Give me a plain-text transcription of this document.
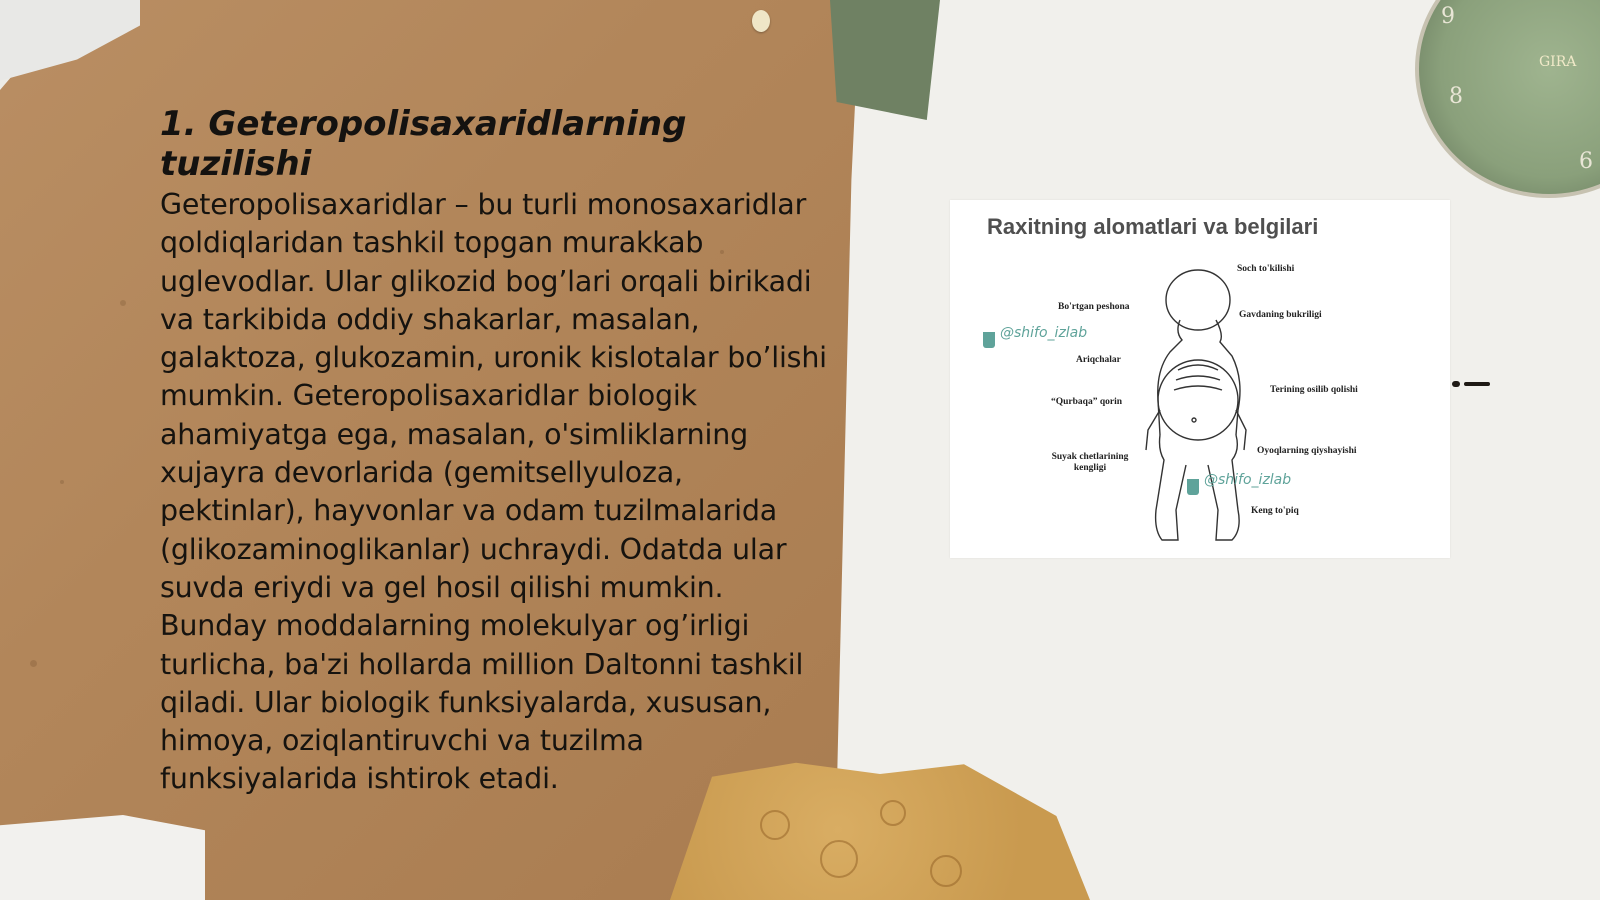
9
8
6
GIRA
1. Geteropolisaxaridlarning tuzilishi

Geteropolisaxaridlar – bu turli monosaxaridlar qoldiqlaridan tashkil topgan murakkab uglevodlar. Ular glikozid bog’lari orqali birikadi va tarkibida oddiy shakarlar, masalan, galaktoza, glukozamin, uronik kislotalar bo’lishi mumkin. Geteropolisaxaridlar biologik ahamiyatga ega, masalan, o'simliklarning xujayra devorlarida (gemitsellyuloza, pektinlar), hayvonlar va odam tuzilmalarida (glikozaminoglikanlar) uchraydi. Odatda ular suvda eriydi va gel hosil qilishi mumkin. Bunday moddalarning molekulyar og’irligi turlicha, ba'zi hollarda million Daltonni tashkil qiladi. Ular biologik funksiyalarda, xususan, himoya, oziqlantiruvchi va tuzilma funksiyalarida ishtirok etadi.

Raxitning alomatlari va belgilari
Soch to'kilishi
Gavdaning bukriligi
Terining osilib qolishi
Oyoqlarning qiyshayishi
Keng to'piq
Bo'rtgan peshona
Ariqchalar
“Qurbaqa” qorin
Suyak chetlarining kengligi
@shifo_izlab
@shifo_izlab
